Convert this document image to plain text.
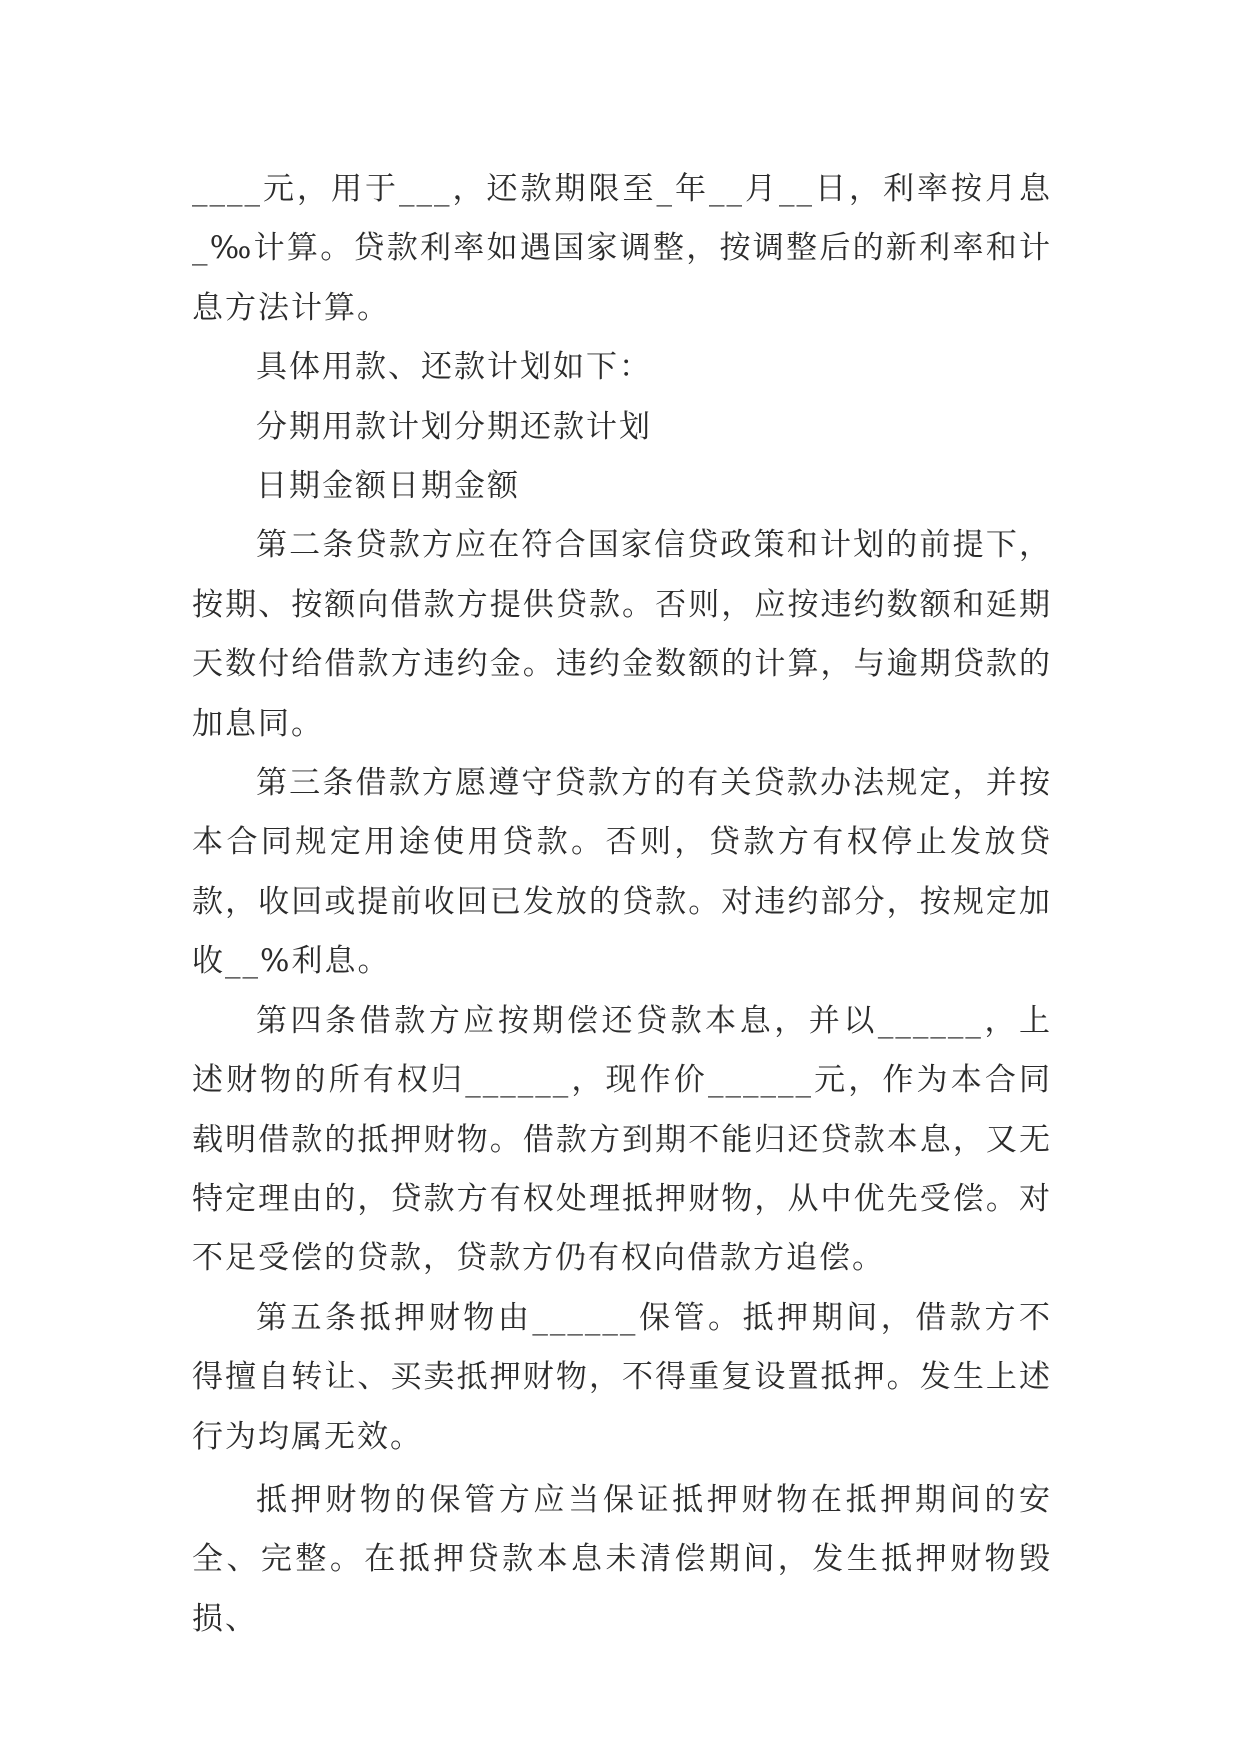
____元，用于___，还款期限至_年__月__日，利率按月息_‰计算。贷款利率如遇国家调整，按调整后的新利率和计息方法计算。

具体用款、还款计划如下：

分期用款计划分期还款计划

日期金额日期金额

第二条贷款方应在符合国家信贷政策和计划的前提下，按期、按额向借款方提供贷款。否则，应按违约数额和延期天数付给借款方违约金。违约金数额的计算，与逾期贷款的加息同。

第三条借款方愿遵守贷款方的有关贷款办法规定，并按本合同规定用途使用贷款。否则，贷款方有权停止发放贷款，收回或提前收回已发放的贷款。对违约部分，按规定加收__%利息。

第四条借款方应按期偿还贷款本息，并以______，上述财物的所有权归______，现作价______元，作为本合同载明借款的抵押财物。借款方到期不能归还贷款本息，又无特定理由的，贷款方有权处理抵押财物，从中优先受偿。对不足受偿的贷款，贷款方仍有权向借款方追偿。

第五条抵押财物由______保管。抵押期间，借款方不得擅自转让、买卖抵押财物，不得重复设置抵押。发生上述行为均属无效。

抵押财物的保管方应当保证抵押财物在抵押期间的安全、完整。在抵押贷款本息未清偿期间，发生抵押财物毁损、
